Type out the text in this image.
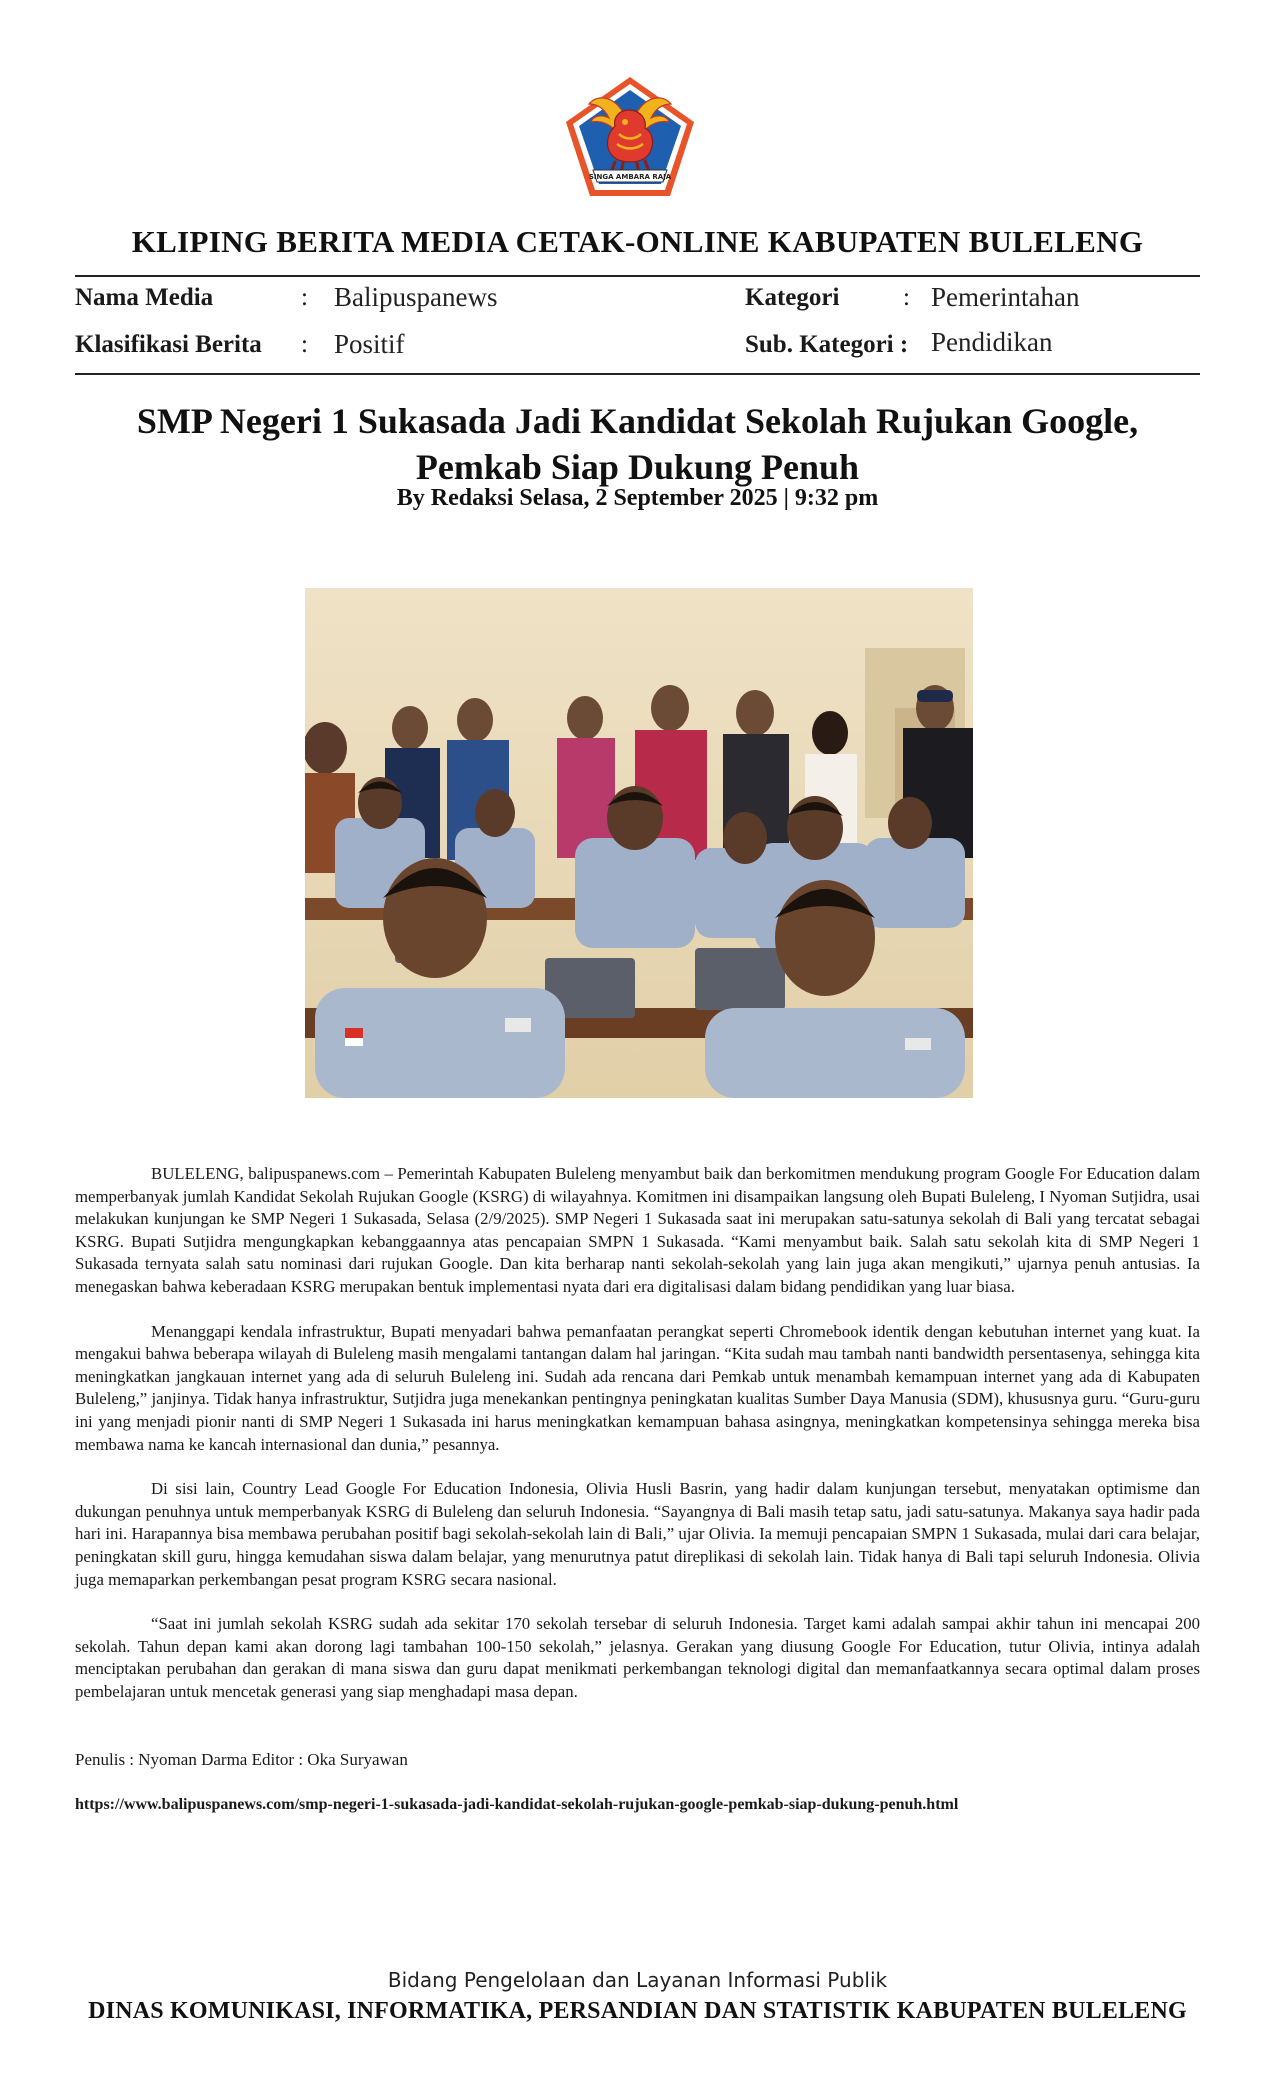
SINGA AMBARA RAJA
KLIPING BERITA MEDIA CETAK-ONLINE KABUPATEN BULELENG
Nama Media	: Balipuspanews	Kategori	: Pemerintahan
Klasifikasi Berita : Positif	Sub. Kategori : Pendidikan
SMP Negeri 1 Sukasada Jadi Kandidat Sekolah Rujukan Google,
Pemkab Siap Dukung Penuh
By Redaksi Selasa, 2 September 2025 | 9:32 pm

BULELENG, balipuspanews.com – Pemerintah Kabupaten Buleleng menyambut baik dan berkomitmen mendukung program Google For Education dalam memperbanyak jumlah Kandidat Sekolah Rujukan Google (KSRG) di wilayahnya. Komitmen ini disampaikan langsung oleh Bupati Buleleng, I Nyoman Sutjidra, usai melakukan kunjungan ke SMP Negeri 1 Sukasada, Selasa (2/9/2025). SMP Negeri 1 Sukasada saat ini merupakan satu-satunya sekolah di Bali yang tercatat sebagai KSRG. Bupati Sutjidra mengungkapkan kebanggaannya atas pencapaian SMPN 1 Sukasada. “Kami menyambut baik. Salah satu sekolah kita di SMP Negeri 1 Sukasada ternyata salah satu nominasi dari rujukan Google. Dan kita berharap nanti sekolah-sekolah yang lain juga akan mengikuti,” ujarnya penuh antusias. Ia menegaskan bahwa keberadaan KSRG merupakan bentuk implementasi nyata dari era digitalisasi dalam bidang pendidikan yang luar biasa.

Menanggapi kendala infrastruktur, Bupati menyadari bahwa pemanfaatan perangkat seperti Chromebook identik dengan kebutuhan internet yang kuat. Ia mengakui bahwa beberapa wilayah di Buleleng masih mengalami tantangan dalam hal jaringan. “Kita sudah mau tambah nanti bandwidth persentasenya, sehingga kita meningkatkan jangkauan internet yang ada di seluruh Buleleng ini. Sudah ada rencana dari Pemkab untuk menambah kemampuan internet yang ada di Kabupaten Buleleng,” janjinya. Tidak hanya infrastruktur, Sutjidra juga menekankan pentingnya peningkatan kualitas Sumber Daya Manusia (SDM), khususnya guru. “Guru-guru ini yang menjadi pionir nanti di SMP Negeri 1 Sukasada ini harus meningkatkan kemampuan bahasa asingnya, meningkatkan kompetensinya sehingga mereka bisa membawa nama ke kancah internasional dan dunia,” pesannya.

Di sisi lain, Country Lead Google For Education Indonesia, Olivia Husli Basrin, yang hadir dalam kunjungan tersebut, menyatakan optimisme dan dukungan penuhnya untuk memperbanyak KSRG di Buleleng dan seluruh Indonesia. “Sayangnya di Bali masih tetap satu, jadi satu-satunya. Makanya saya hadir pada hari ini. Harapannya bisa membawa perubahan positif bagi sekolah-sekolah lain di Bali,” ujar Olivia. Ia memuji pencapaian SMPN 1 Sukasada, mulai dari cara belajar, peningkatan skill guru, hingga kemudahan siswa dalam belajar, yang menurutnya patut direplikasi di sekolah lain. Tidak hanya di Bali tapi seluruh Indonesia. Olivia juga memaparkan perkembangan pesat program KSRG secara nasional.

“Saat ini jumlah sekolah KSRG sudah ada sekitar 170 sekolah tersebar di seluruh Indonesia. Target kami adalah sampai akhir tahun ini mencapai 200 sekolah. Tahun depan kami akan dorong lagi tambahan 100-150 sekolah,” jelasnya. Gerakan yang diusung Google For Education, tutur Olivia, intinya adalah menciptakan perubahan dan gerakan di mana siswa dan guru dapat menikmati perkembangan teknologi digital dan memanfaatkannya secara optimal dalam proses pembelajaran untuk mencetak generasi yang siap menghadapi masa depan.

Penulis : Nyoman Darma Editor : Oka Suryawan
https://www.balipuspanews.com/smp-negeri-1-sukasada-jadi-kandidat-sekolah-rujukan-google-pemkab-siap-dukung-penuh.html
Bidang Pengelolaan dan Layanan Informasi Publik
DINAS KOMUNIKASI, INFORMATIKA, PERSANDIAN DAN STATISTIK KABUPATEN BULELENG
